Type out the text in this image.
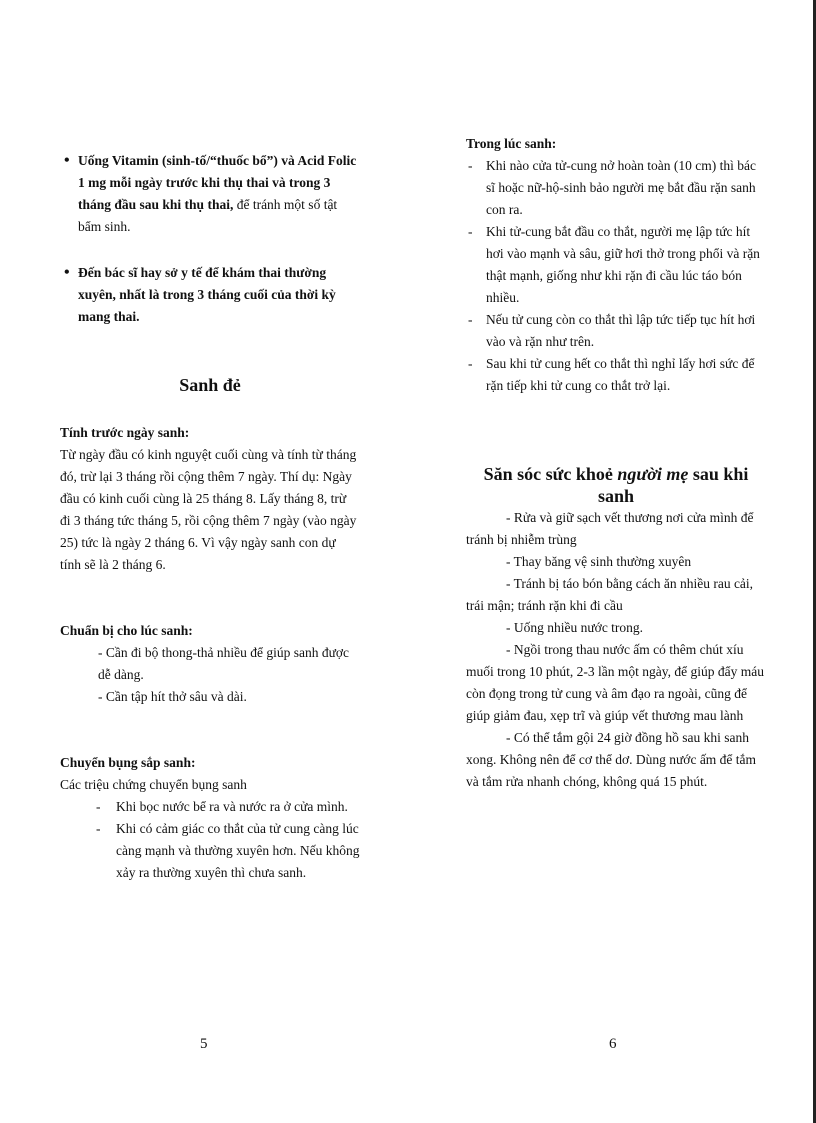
• Uống Vitamin (sinh-tố/“thuốc bổ”) và Acid Folic 1 mg mỗi ngày trước khi thụ thai và trong 3 tháng đầu sau khi thụ thai, để tránh một số tật bẩm sinh.
• Đến bác sĩ hay sở y tế để khám thai thường xuyên, nhất là trong 3 tháng cuối của thời kỳ mang thai.
Sanh đẻ

Tính trước ngày sanh:

Từ ngày đầu có kinh nguyệt cuối cùng và tính từ tháng đó, trừ lại 3 tháng rồi cộng thêm 7 ngày. Thí dụ: Ngày đầu có kinh cuối cùng là 25 tháng 8. Lấy tháng 8, trừ đi 3 tháng tức tháng 5, rồi cộng thêm 7 ngày (vào ngày 25) tức là ngày 2 tháng 6. Vì vậy ngày sanh con dự tính sẽ là 2 tháng 6.

Chuẩn bị cho lúc sanh:

- Cần đi bộ thong-thả nhiều để giúp sanh được dễ dàng.
- Cần tập hít thở sâu và dài.

Chuyển bụng sắp sanh:

Các triệu chứng chuyển bụng sanh

- Khi bọc nước bể ra và nước ra ở cửa mình.
- Khi có cảm giác co thắt của tử cung càng lúc càng mạnh và thường xuyên hơn. Nếu không xảy ra thường xuyên thì chưa sanh.
5

Trong lúc sanh:

- Khi nào cửa tử-cung nở hoàn toàn (10 cm) thì bác sĩ hoặc nữ-hộ-sinh bảo người mẹ bắt đầu rặn sanh con ra.
- Khi tử-cung bắt đầu co thắt, người mẹ lập tức hít hơi vào mạnh và sâu, giữ hơi thở trong phổi và rặn thật mạnh, giống như khi rặn đi cầu lúc táo bón nhiều.
- Nếu tử cung còn co thắt thì lập tức tiếp tục hít hơi vào và rặn như trên.
- Sau khi tử cung hết co thắt thì nghỉ lấy hơi sức để rặn tiếp khi tử cung co thắt trở lại.
Săn sóc sức khoẻ người mẹ sau khi sanh

- Rửa và giữ sạch vết thương nơi cửa mình để tránh bị nhiễm trùng

- Thay băng vệ sinh thường xuyên

- Tránh bị táo bón bằng cách ăn nhiều rau cải, trái mận; tránh rặn khi đi cầu

- Uống nhiều nước trong.

- Ngồi trong thau nước ấm có thêm chút xíu muối trong 10 phút, 2-3 lần một ngày, để giúp đẩy máu còn đọng trong tử cung và âm đạo ra ngoài, cũng để giúp giảm đau, xẹp trĩ và giúp vết thương mau lành

- Có thể tắm gội 24 giờ đồng hồ sau khi sanh xong. Không nên để cơ thể dơ. Dùng nước ấm để tắm và tắm rửa nhanh chóng, không quá 15 phút.

6
